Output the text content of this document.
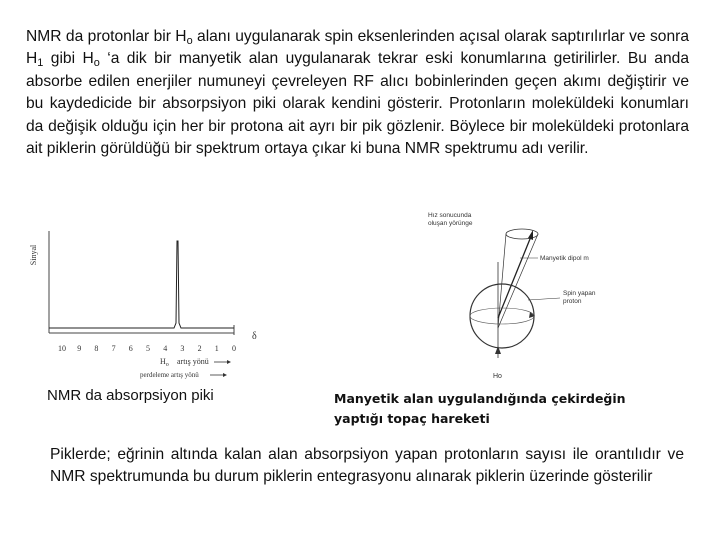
NMR da protonlar bir $H_o$ alanı uygulanarak spin eksenlerinden açısal olarak saptırılırlar ve sonra $H_1$ gibi $H_o$ ‘a dik bir manyetik alan uygulanarak tekrar eski konumlarına getirilirler. Bu anda absorbe edilen enerjiler numuneyi çevreleyen RF alıcı bobinlerinden geçen akımı değiştirir ve bu kaydedicide bir absorpsiyon piki olarak kendini gösterir. Protonların moleküldeki konumları da değişik olduğu için her bir protona ait ayrı bir pik gözlenir. Böylece bir moleküldeki protonlara ait piklerin görüldüğü bir spektrum ortaya çıkar ki buna NMR spektrumu adı verilir.

Sinyal
δ
10 9 8 7 6 5 4 3 2 1 0
$H_o$ artış yönü
perdeleme artış yönü

NMR da absorpsiyon piki

Hız sonucunda
oluşan yörünge
Manyetik dipol m
Spin yapan
proton
Ho

Manyetik alan uygulandığında çekirdeğin
yaptığı topaç hareketi

Piklerde; eğrinin altında kalan alan absorpsiyon yapan protonların sayısı ile orantılıdır ve NMR spektrumunda bu durum piklerin entegrasyonu alınarak piklerin üzerinde gösterilir
